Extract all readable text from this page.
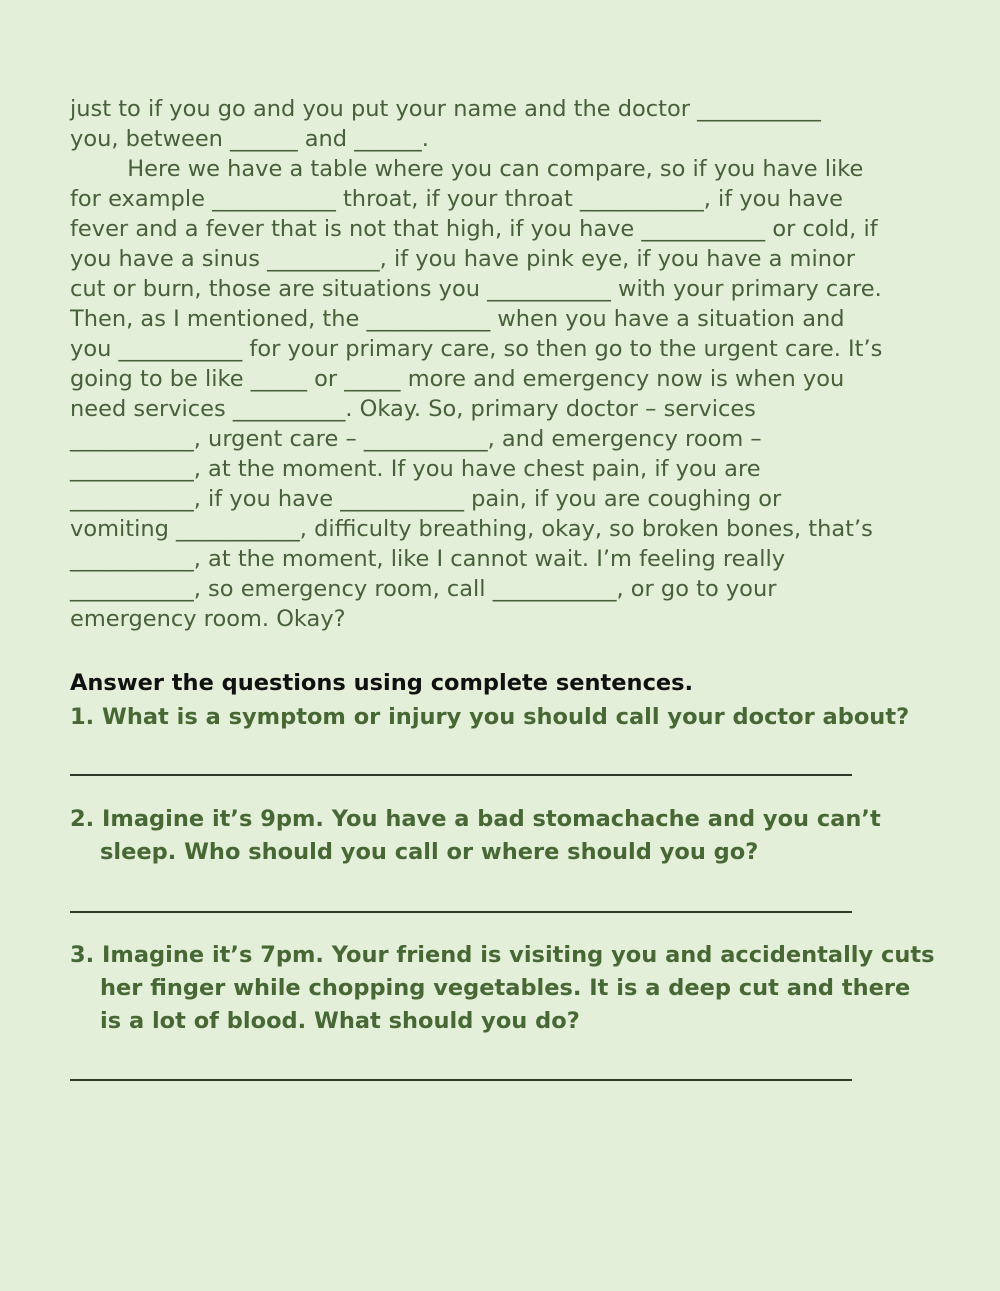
just to if you go and you put your name and the doctor ___________
you, between ______ and ______.
Here we have a table where you can compare, so if you have like
for example ___________ throat, if your throat ___________, if you have
fever and a fever that is not that high, if you have ___________ or cold, if
you have a sinus __________, if you have pink eye, if you have a minor
cut or burn, those are situations you ___________ with your primary care.
Then, as I mentioned, the ___________ when you have a situation and
you ___________ for your primary care, so then go to the urgent care. It’s
going to be like _____ or _____ more and emergency now is when you
need services __________. Okay. So, primary doctor – services
___________, urgent care – ___________, and emergency room –
___________, at the moment. If you have chest pain, if you are
___________, if you have ___________ pain, if you are coughing or
vomiting ___________, difficulty breathing, okay, so broken bones, that’s
___________, at the moment, like I cannot wait. I’m feeling really
___________, so emergency room, call ___________, or go to your
emergency room. Okay?
Answer the questions using complete sentences.
1. What is a symptom or injury you should call your doctor about?
2. Imagine it’s 9pm. You have a bad stomachache and you can’t
sleep. Who should you call or where should you go?
3. Imagine it’s 7pm. Your friend is visiting you and accidentally cuts
her finger while chopping vegetables. It is a deep cut and there
is a lot of blood. What should you do?
